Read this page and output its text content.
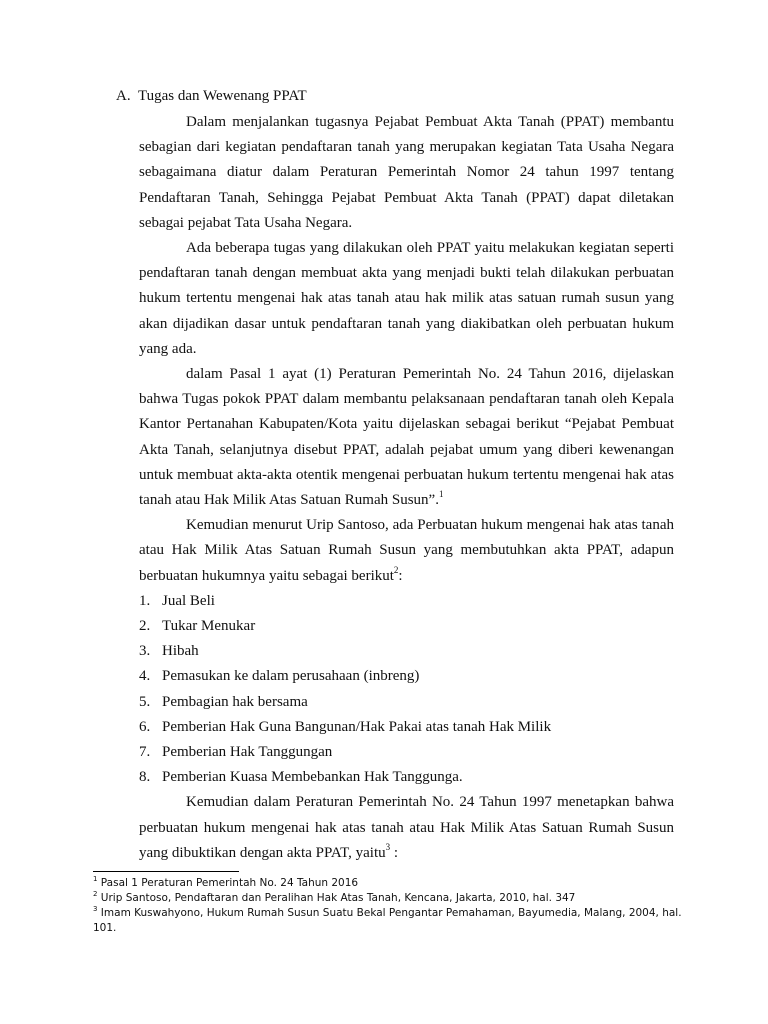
A. Tugas dan Wewenang PPAT

Dalam menjalankan tugasnya Pejabat Pembuat Akta Tanah (PPAT) membantu sebagian dari kegiatan pendaftaran tanah yang merupakan kegiatan Tata Usaha Negara sebagaimana diatur dalam Peraturan Pemerintah Nomor 24 tahun 1997 tentang Pendaftaran Tanah, Sehingga Pejabat Pembuat Akta Tanah (PPAT) dapat diletakan sebagai pejabat Tata Usaha Negara.

Ada beberapa tugas yang dilakukan oleh PPAT yaitu melakukan kegiatan seperti pendaftaran tanah dengan membuat akta yang menjadi bukti telah dilakukan perbuatan hukum tertentu mengenai hak atas tanah atau hak milik atas satuan rumah susun yang akan dijadikan dasar untuk pendaftaran tanah yang diakibatkan oleh perbuatan hukum yang ada.

dalam Pasal 1 ayat (1) Peraturan Pemerintah No. 24 Tahun 2016, dijelaskan bahwa Tugas pokok PPAT dalam membantu pelaksanaan pendaftaran tanah oleh Kepala Kantor Pertanahan Kabupaten/Kota yaitu dijelaskan sebagai berikut “Pejabat Pembuat Akta Tanah, selanjutnya disebut PPAT, adalah pejabat umum yang diberi kewenangan untuk membuat akta-akta otentik mengenai perbuatan hukum tertentu mengenai hak atas tanah atau Hak Milik Atas Satuan Rumah Susun”.$^1$

Kemudian menurut Urip Santoso, ada Perbuatan hukum mengenai hak atas tanah atau Hak Milik Atas Satuan Rumah Susun yang membutuhkan akta PPAT, adapun berbuatan hukumnya yaitu sebagai berikut$^2$:

1. Jual Beli
2. Tukar Menukar
3. Hibah
4. Pemasukan ke dalam perusahaan (inbreng)
5. Pembagian hak bersama
6. Pemberian Hak Guna Bangunan/Hak Pakai atas tanah Hak Milik
7. Pemberian Hak Tanggungan
8. Pemberian Kuasa Membebankan Hak Tanggunga.

Kemudian dalam Peraturan Pemerintah No. 24 Tahun 1997 menetapkan bahwa perbuatan hukum mengenai hak atas tanah atau Hak Milik Atas Satuan Rumah Susun yang dibuktikan dengan akta PPAT, yaitu$^3$ :

$^1$ Pasal 1 Peraturan Pemerintah No. 24 Tahun 2016

$^2$ Urip Santoso, Pendaftaran dan Peralihan Hak Atas Tanah, Kencana, Jakarta, 2010, hal. 347

$^3$ Imam Kuswahyono, Hukum Rumah Susun Suatu Bekal Pengantar Pemahaman, Bayumedia, Malang, 2004, hal. 101.
